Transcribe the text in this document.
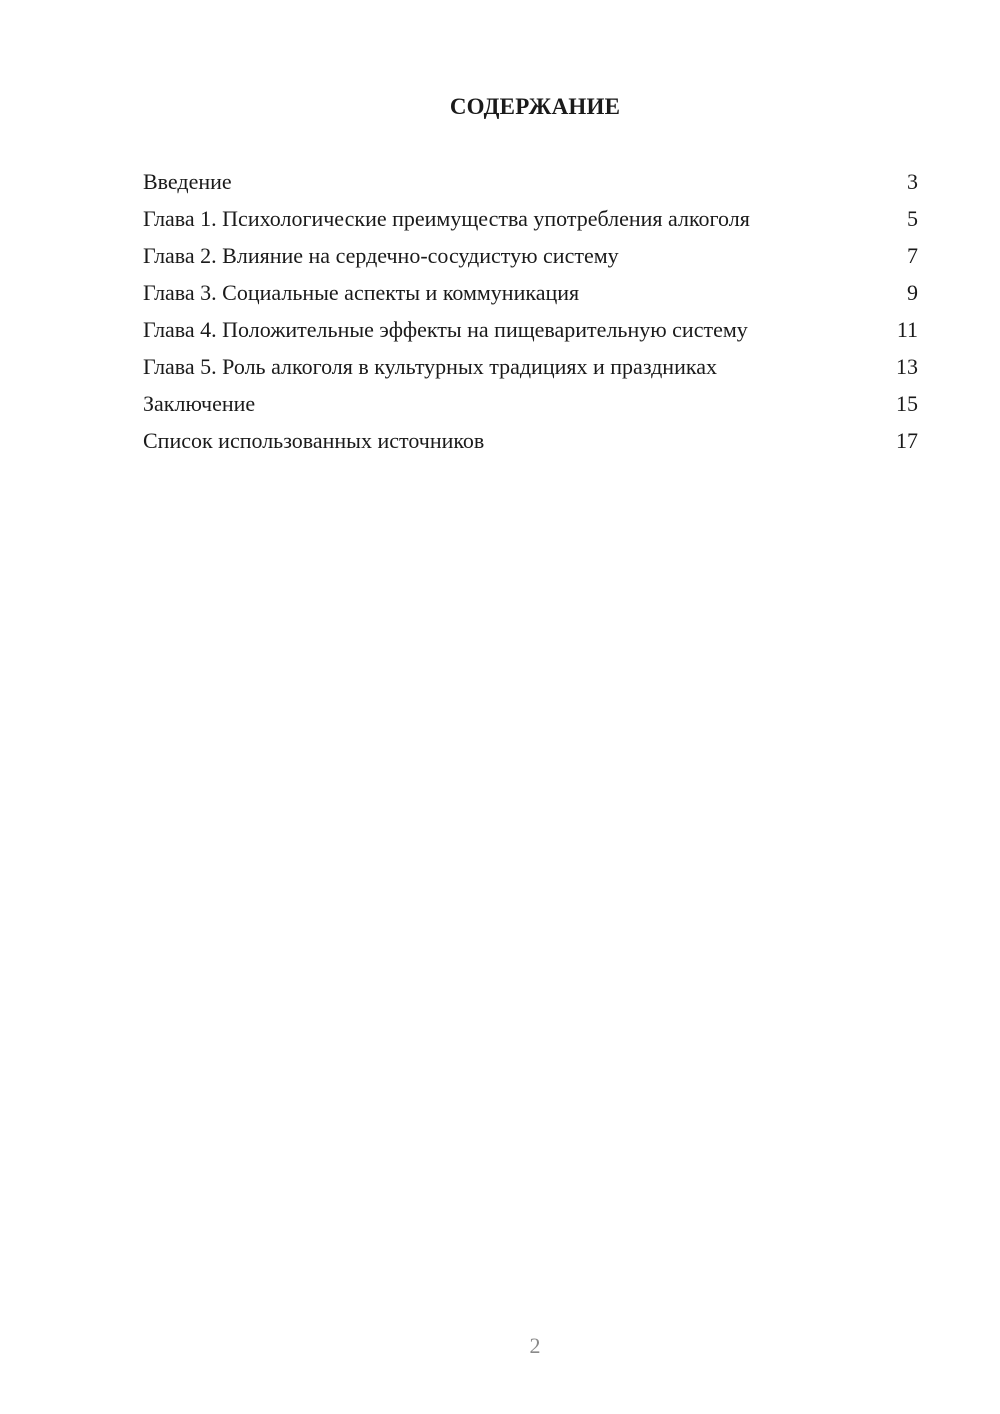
СОДЕРЖАНИЕ
Введение	3
Глава 1. Психологические преимущества употребления алкоголя	5
Глава 2. Влияние на сердечно-сосудистую систему	7
Глава 3. Социальные аспекты и коммуникация	9
Глава 4. Положительные эффекты на пищеварительную систему	11
Глава 5. Роль алкоголя в культурных традициях и праздниках	13
Заключение	15
Список использованных источников	17
2
